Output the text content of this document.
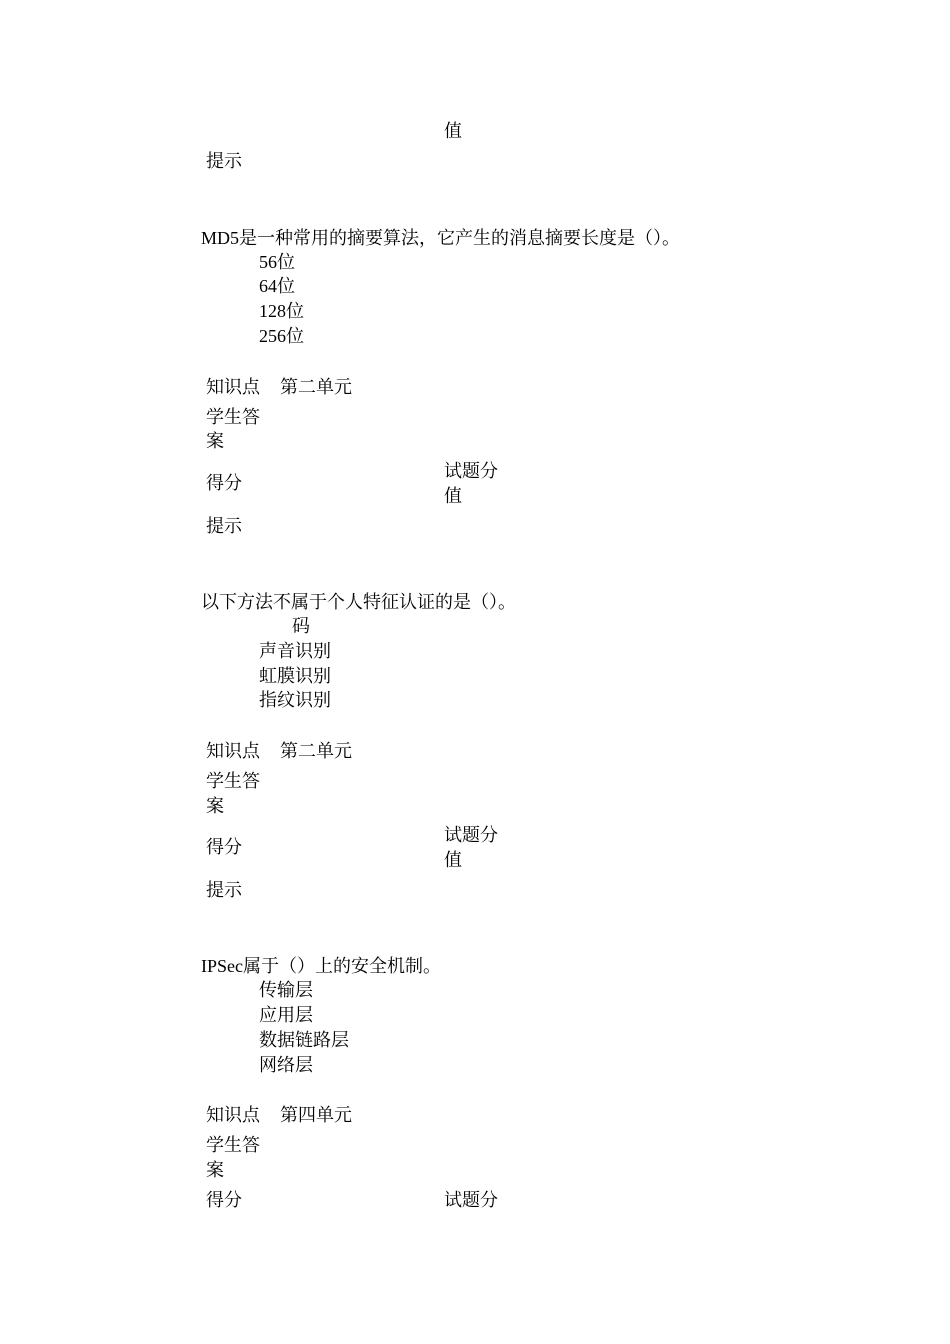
值
提示
MD5是一种常用的摘要算法，它产生的消息摘要长度是（）。
56位
64位
128位
256位
知识点 第二单元
学生答
案
试题分
得分
值
提示
以下方法不属于个人特征认证的是（）。
码
声音识别
虹膜识别
指纹识别
知识点 第二单元
学生答
案
试题分
得分
值
提示
IPSec属于（）上的安全机制。
传输层
应用层
数据链路层
网络层
知识点 第四单元
学生答
案
得分	试题分
